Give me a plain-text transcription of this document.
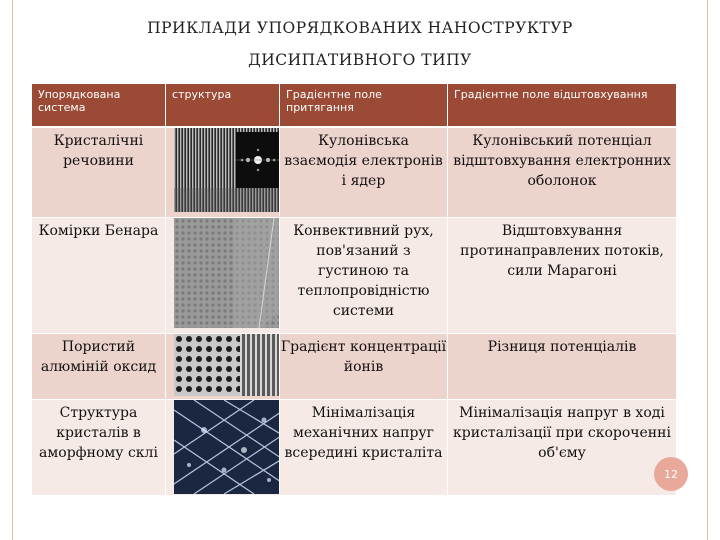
ПРИКЛАДИ УПОРЯДКОВАНИХ НАНОСТРУКТУР
ДИСИПАТИВНОГО ТИПУ
Упорядкована система	структура	Градієнтне поле притягання	Градієнтне поле відштовхування
Кристалічні речовини		Кулонівська взаємодія електронів і ядер	Кулонівський потенціал відштовхування електронних оболонок
Комірки Бенара		Конвективний рух, пов'язаний з густиною та теплопровідністю системи	Відштовхування протинаправлених потоків, сили Марагоні
Пористий алюміній оксид		Градієнт концентрації йонів	Різниця потенціалів
Структура кристалів в аморфному склі		Мінімалізація механічних напруг всередині кристаліта	Мінімалізація напруг в ході кристалізації при скороченні об'єму
12
